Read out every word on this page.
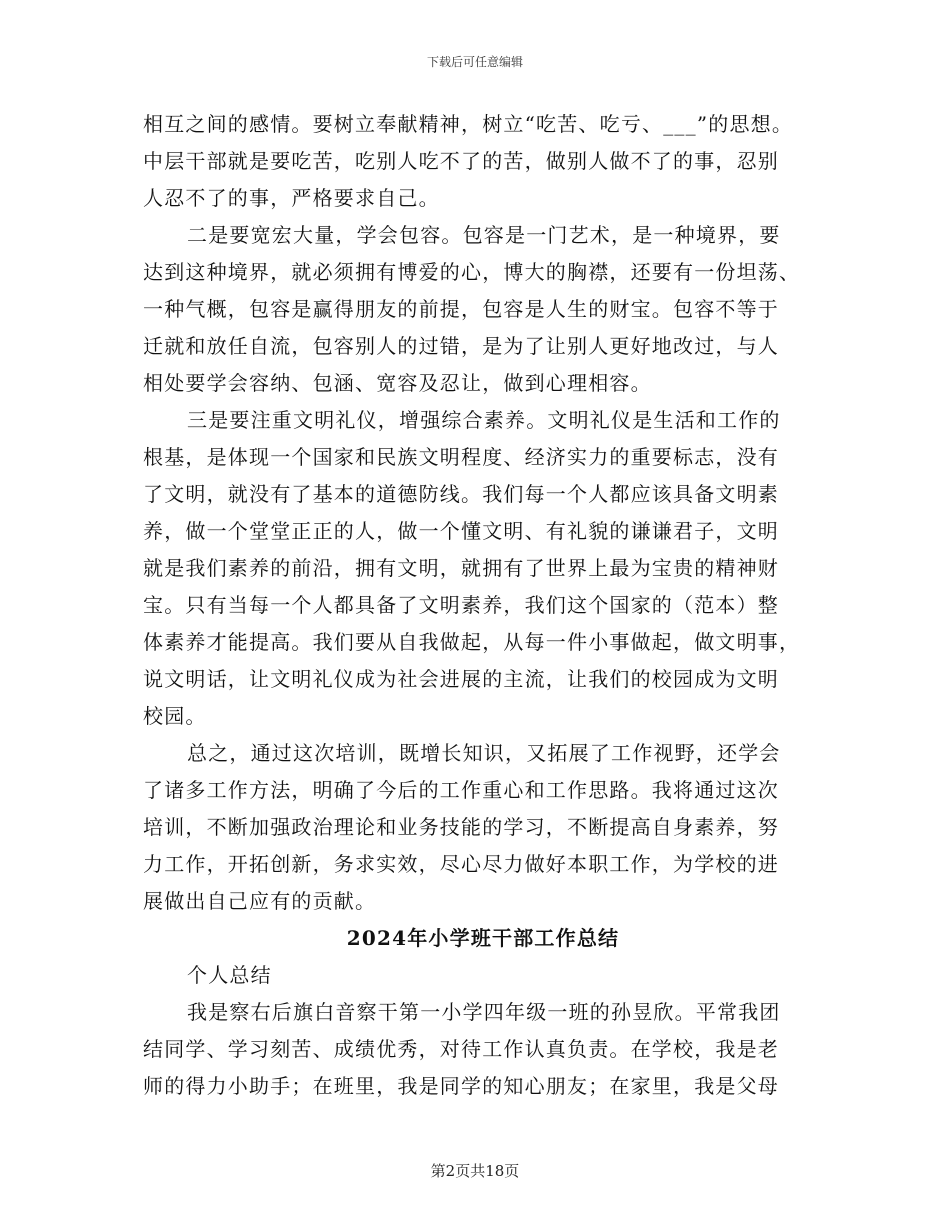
下载后可任意编辑
相互之间的感情。要树立奉献精神，树立“吃苦、吃亏、___”的思想。
中层干部就是要吃苦，吃别人吃不了的苦，做别人做不了的事，忍别
人忍不了的事，严格要求自己。
二是要宽宏大量，学会包容。包容是一门艺术，是一种境界，要
达到这种境界，就必须拥有博爱的心，博大的胸襟，还要有一份坦荡、
一种气概，包容是赢得朋友的前提，包容是人生的财宝。包容不等于
迁就和放任自流，包容别人的过错，是为了让别人更好地改过，与人
相处要学会容纳、包涵、宽容及忍让，做到心理相容。
三是要注重文明礼仪，增强综合素养。文明礼仪是生活和工作的
根基，是体现一个国家和民族文明程度、经济实力的重要标志，没有
了文明，就没有了基本的道德防线。我们每一个人都应该具备文明素
养，做一个堂堂正正的人，做一个懂文明、有礼貌的谦谦君子，文明
就是我们素养的前沿，拥有文明，就拥有了世界上最为宝贵的精神财
宝。只有当每一个人都具备了文明素养，我们这个国家的（范本）整
体素养才能提高。我们要从自我做起，从每一件小事做起，做文明事，
说文明话，让文明礼仪成为社会进展的主流，让我们的校园成为文明
校园。
总之，通过这次培训，既增长知识，又拓展了工作视野，还学会
了诸多工作方法，明确了今后的工作重心和工作思路。我将通过这次
培训，不断加强政治理论和业务技能的学习，不断提高自身素养，努
力工作，开拓创新，务求实效，尽心尽力做好本职工作，为学校的进
展做出自己应有的贡献。
2024年小学班干部工作总结
个人总结
我是察右后旗白音察干第一小学四年级一班的孙昱欣。平常我团
结同学、学习刻苦、成绩优秀，对待工作认真负责。在学校，我是老
师的得力小助手；在班里，我是同学的知心朋友；在家里，我是父母
第2页共18页
